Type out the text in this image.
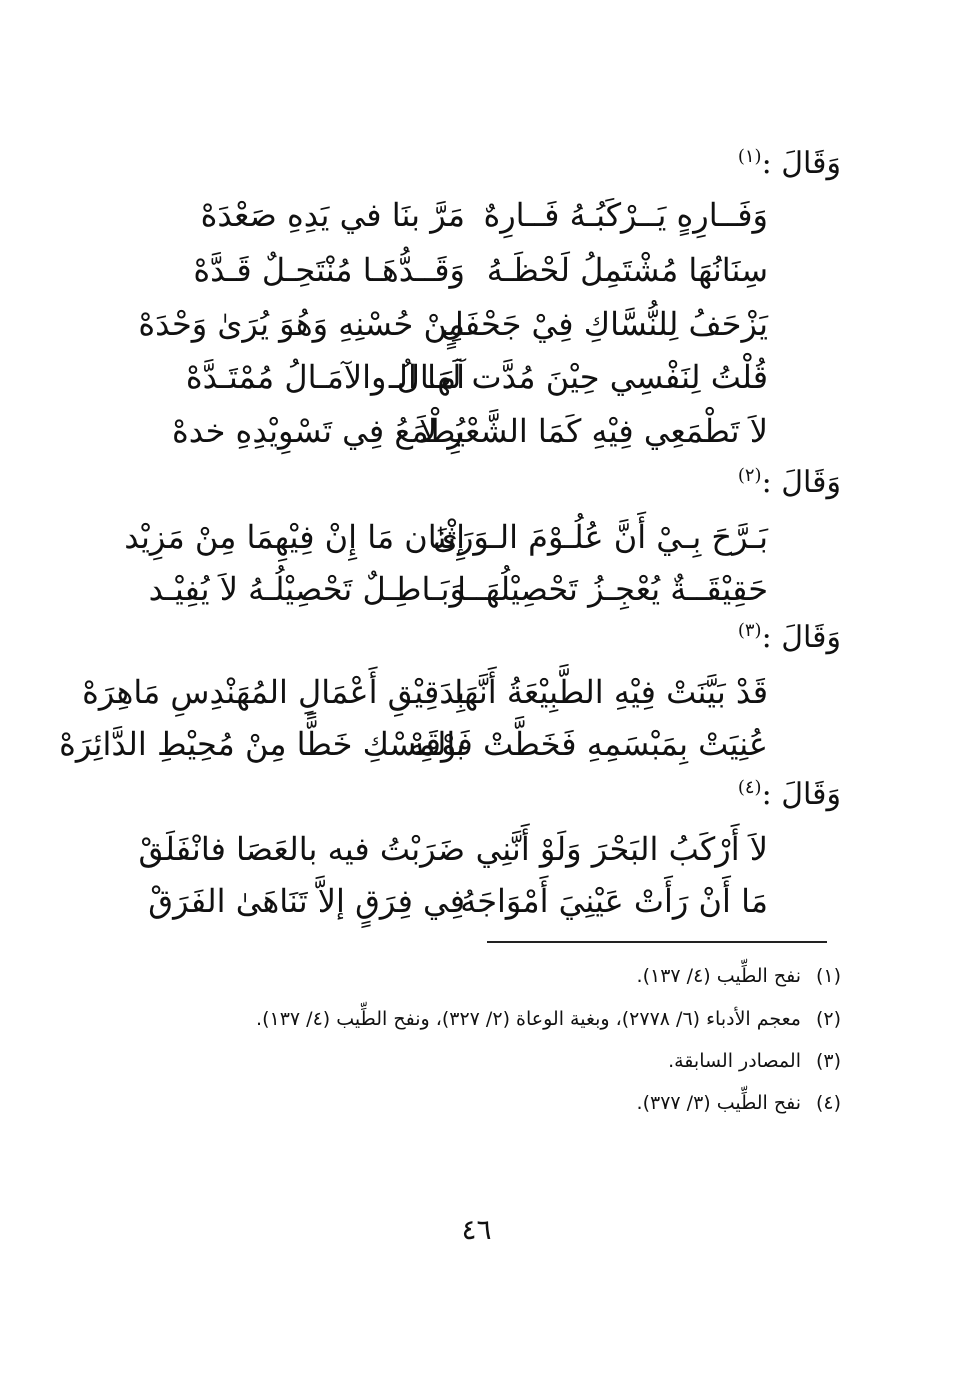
وَقَالَ :$^{(١)}$
وَفَــارِهٍ يَــرْكَبُـهُ فَــارِهٌ
مَرَّ بنَا في يَدِهِ صَعْدَهْ
سِنَانُهَا مُشْتَمِلُ لَحْظَـهُ
وَقَــدُّهَـا مُنْتَحِـلٌ قَـدَّهْ
يَزْحَفُ لِلنُّسَّاكِ فِيْ جَحْفَلٍ
مِنْ حُسْنِهِ وَهُوَ يُرَىٰ وَحْدَهْ
قُلْتُ لِنَفْسِي حِيْنَ مُدَّت لَهَا الـ
آمَـالُ والآمَـالُ مُمْتَـدَّهْ
لاَ تَطْمَعِي فِيْهِ كَمَا الشَّعْرِ لاَ
يُطْمَعُ فِي تَسْوِيْدِهِ خدهْ
وَقَالَ :$^{(٢)}$
بَـرَّحَ بِـيْ أَنَّ عُلُـوْمَ الـوَرَىٰ
إِثْنَان مَا إِنْ فِيْهِمَا مِنْ مَزِيْد
حَقِيْقَــةٌ يُعْجِـزُ تَحْصِيْلُهَــا
وَبَـاطِـلٌ تَحْصِيْلُـهُ لاَ يُفِيْـد
وَقَالَ :$^{(٣)}$
قَدْ بَيَّنَتْ فِيْهِ الطَّبِيْعَةُ أَنَّهَا
بِدَقِيْقِ أَعْمَالِ المُهَنْدِسِ مَاهِرَهْ
عُنِيَتْ بِمَبْسَمِهِ فَخَطَّتْ فَوْقَهْ
بالمِسْكِ خَطًّا مِنْ مُحِيْطِ الدَّائِرَهْ
وَقَالَ :$^{(٤)}$
لاَ أَرْكَبُ البَحْرَ وَلَوْ أَنَّنِي
ضَرَبْتُ فيه بالعَصَا فانْفَلَقْ
مَا أَنْ رَأَتْ عَيْنِيَ أَمْوَاجَهُ
فِي فِرَقٍ إلاَّ تَنَاهَىٰ الفَرَقْ
(١)نفح الطِّيب (٤/ ١٣٧).
(٢)معجم الأدباء (٦/ ٢٧٧٨)، وبغية الوعاة (٢/ ٣٢٧)، ونفح الطِّيب (٤/ ١٣٧).
(٣)المصادر السابقة.
(٤)نفح الطِّيب (٣/ ٣٧٧).
٤٦
